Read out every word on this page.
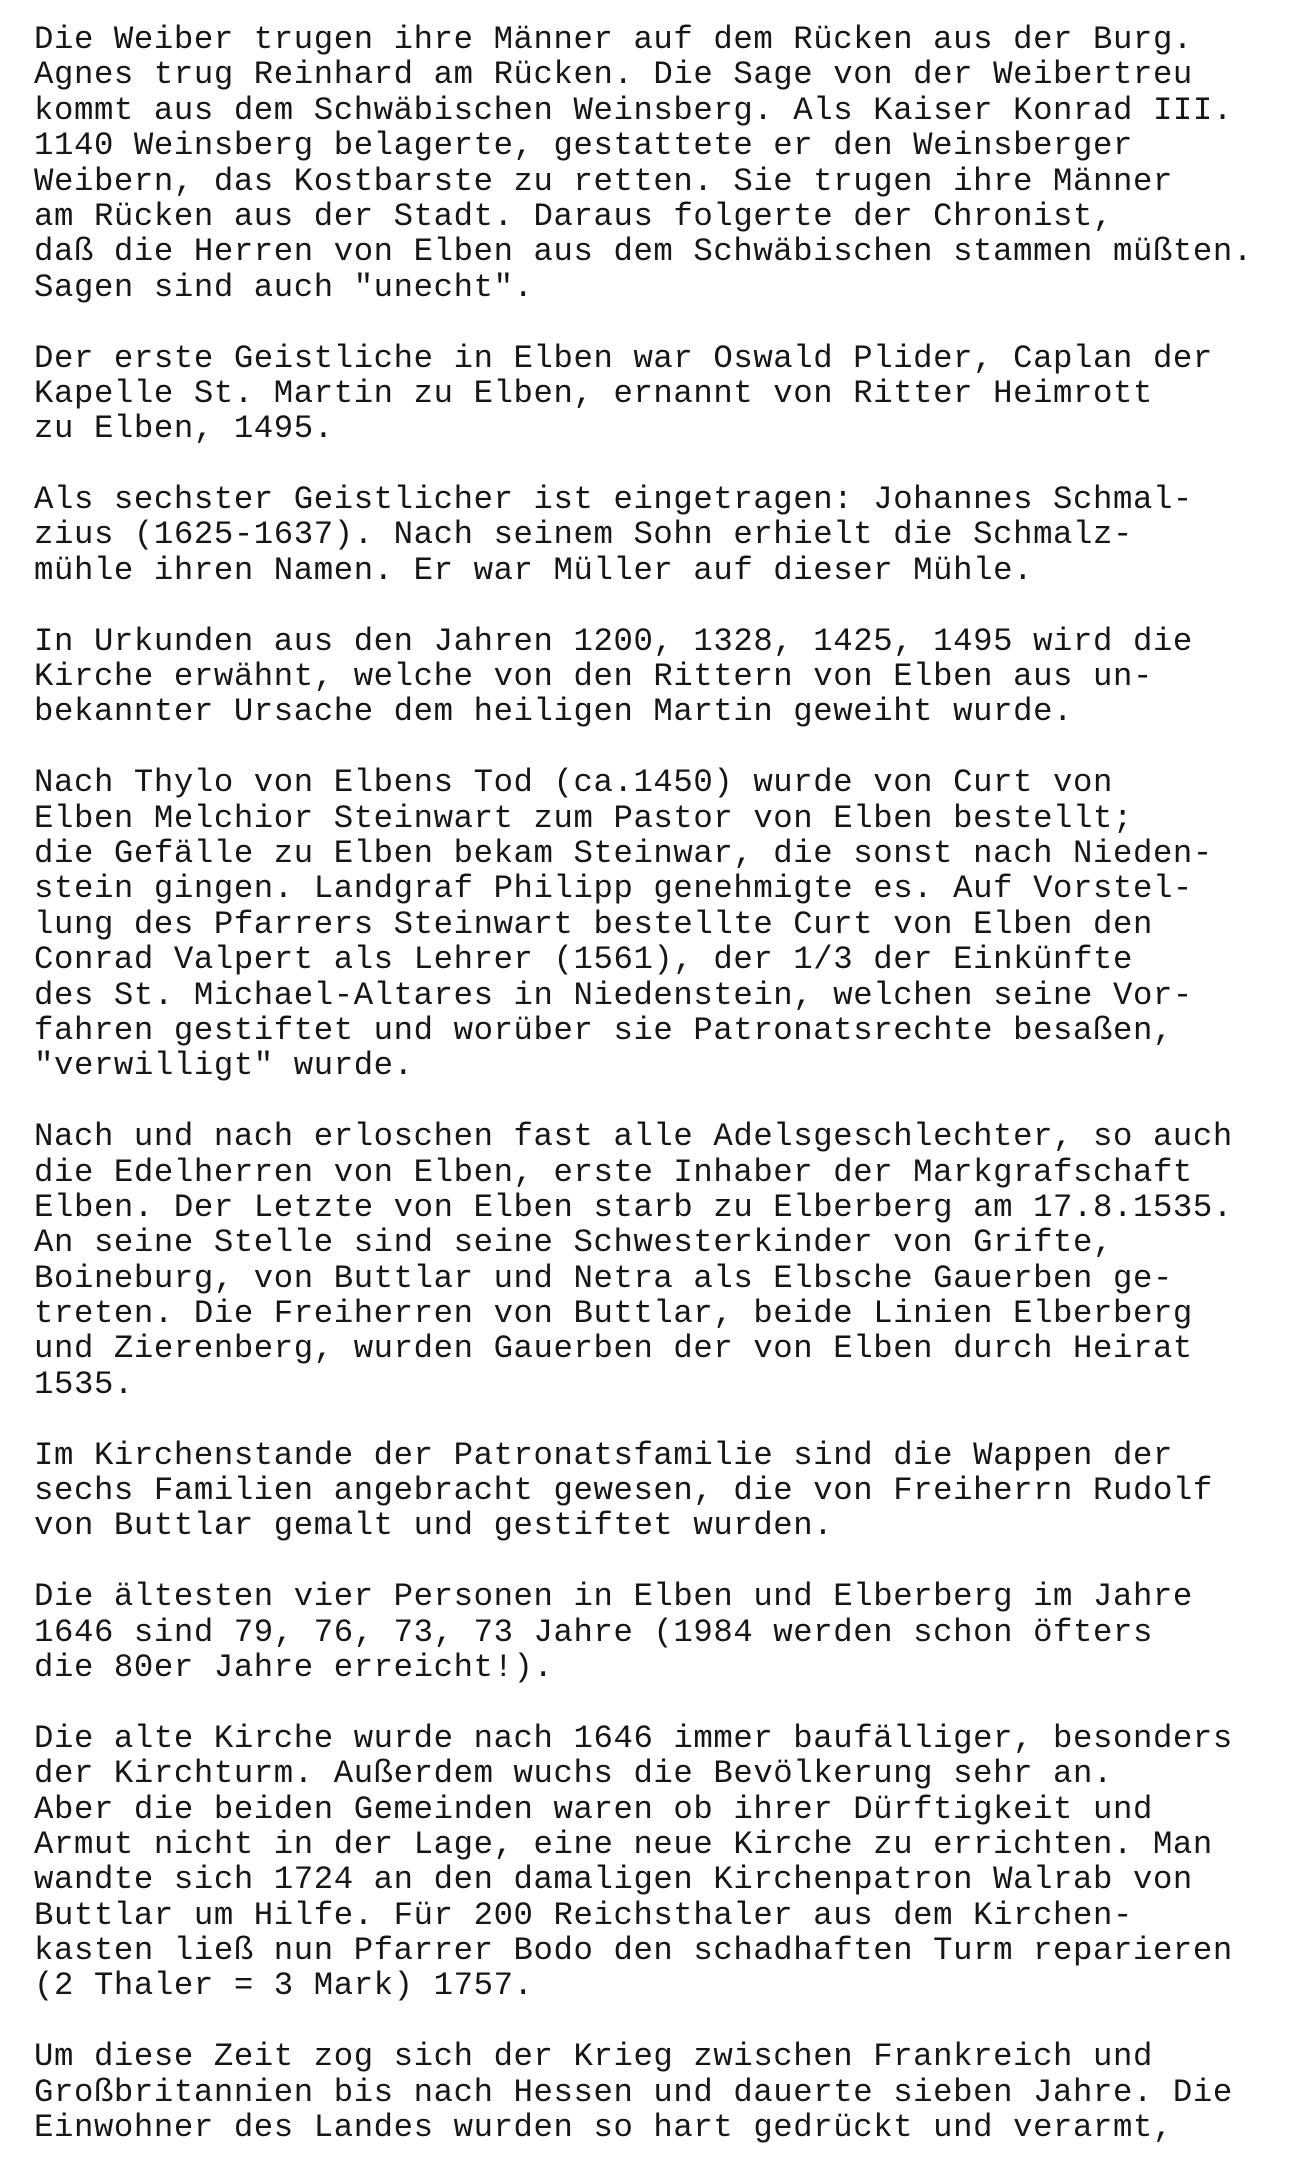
Die Weiber trugen ihre Männer auf dem Rücken aus der Burg.
Agnes trug Reinhard am Rücken. Die Sage von der Weibertreu
kommt aus dem Schwäbischen Weinsberg. Als Kaiser Konrad III.
1140 Weinsberg belagerte, gestattete er den Weinsberger
Weibern, das Kostbarste zu retten. Sie trugen ihre Männer
am Rücken aus der Stadt. Daraus folgerte der Chronist,
daß die Herren von Elben aus dem Schwäbischen stammen müßten.
Sagen sind auch "unecht".
Der erste Geistliche in Elben war Oswald Plider, Caplan der
Kapelle St. Martin zu Elben, ernannt von Ritter Heimrott
zu Elben, 1495.
Als sechster Geistlicher ist eingetragen: Johannes Schmal-
zius (1625-1637). Nach seinem Sohn erhielt die Schmalz-
mühle ihren Namen. Er war Müller auf dieser Mühle.
In Urkunden aus den Jahren 1200, 1328, 1425, 1495 wird die
Kirche erwähnt, welche von den Rittern von Elben aus un-
bekannter Ursache dem heiligen Martin geweiht wurde.
Nach Thylo von Elbens Tod (ca.1450) wurde von Curt von
Elben Melchior Steinwart zum Pastor von Elben bestellt;
die Gefälle zu Elben bekam Steinwar, die sonst nach Nieden-
stein gingen. Landgraf Philipp genehmigte es. Auf Vorstel-
lung des Pfarrers Steinwart bestellte Curt von Elben den
Conrad Valpert als Lehrer (1561), der 1/3 der Einkünfte
des St. Michael-Altares in Niedenstein, welchen seine Vor-
fahren gestiftet und worüber sie Patronatsrechte besaßen,
"verwilligt" wurde.
Nach und nach erloschen fast alle Adelsgeschlechter, so auch
die Edelherren von Elben, erste Inhaber der Markgrafschaft
Elben. Der Letzte von Elben starb zu Elberberg am 17.8.1535.
An seine Stelle sind seine Schwesterkinder von Grifte,
Boineburg, von Buttlar und Netra als Elbsche Gauerben ge-
treten. Die Freiherren von Buttlar, beide Linien Elberberg
und Zierenberg, wurden Gauerben der von Elben durch Heirat
1535.
Im Kirchenstande der Patronatsfamilie sind die Wappen der
sechs Familien angebracht gewesen, die von Freiherrn Rudolf
von Buttlar gemalt und gestiftet wurden.
Die ältesten vier Personen in Elben und Elberberg im Jahre
1646 sind 79, 76, 73, 73 Jahre (1984 werden schon öfters
die 80er Jahre erreicht!).
Die alte Kirche wurde nach 1646 immer baufälliger, besonders
der Kirchturm. Außerdem wuchs die Bevölkerung sehr an.
Aber die beiden Gemeinden waren ob ihrer Dürftigkeit und
Armut nicht in der Lage, eine neue Kirche zu errichten. Man
wandte sich 1724 an den damaligen Kirchenpatron Walrab von
Buttlar um Hilfe. Für 200 Reichsthaler aus dem Kirchen-
kasten ließ nun Pfarrer Bodo den schadhaften Turm reparieren
(2 Thaler = 3 Mark) 1757.
Um diese Zeit zog sich der Krieg zwischen Frankreich und
Großbritannien bis nach Hessen und dauerte sieben Jahre. Die
Einwohner des Landes wurden so hart gedrückt und verarmt,
